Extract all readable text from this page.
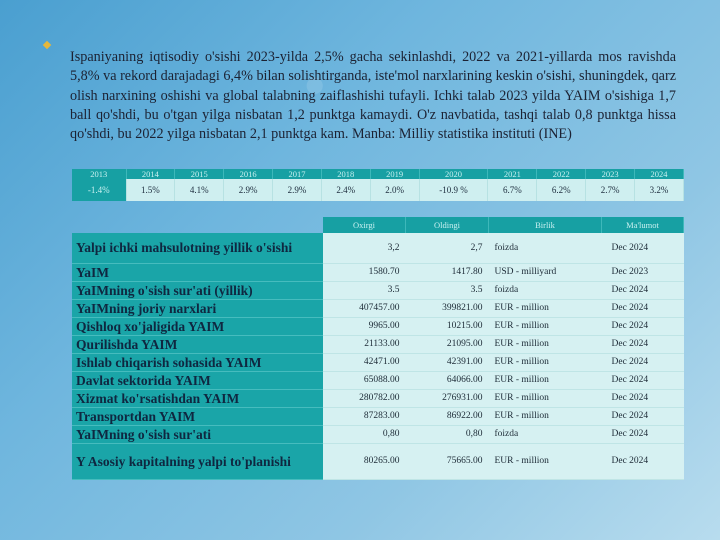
•

Ispaniyaning iqtisodiy o'sishi 2023-yilda 2,5% gacha sekinlashdi, 2022 va 2021-yillarda mos ravishda 5,8% va rekord darajadagi 6,4% bilan solishtirganda, iste'mol narxlarining keskin o'sishi, shuningdek, qarz olish narxining oshishi va global talabning zaiflashishi tufayli. Ichki talab 2023 yilda YAIM o'sishiga 1,7 ball qo'shdi, bu o'tgan yilga nisbatan 1,2 punktga kamaydi. O'z navbatida, tashqi talab 0,8 punktga hissa qo'shdi, bu 2022 yilga nisbatan 2,1 punktga kam. Manba: Milliy statistika instituti (INE)

2013	2014	2015	2016	2017	2018	2019	2020	2021	2022	2023	2024
-1.4%	1.5%	4.1%	2.9%	2.9%	2.4%	2.0%	-10.9 %	6.7%	6.2%	2.7%	3.2%
	Oxirgi	Oldingi	Birlik	Ma'lumot
Yalpi ichki mahsulotning yillik o'sishi	3,2	2,7	foizda	Dec 2024
YaIM	1580.70	1417.80	USD - milliyard	Dec 2023
YaIMning o'sish sur'ati (yillik)	3.5	3.5	foizda	Dec 2024
YaIMning joriy narxlari	407457.00	399821.00	EUR - million	Dec 2024
Qishloq xo'jaligida YAIM	9965.00	10215.00	EUR - million	Dec 2024
Qurilishda YAIM	21133.00	21095.00	EUR - million	Dec 2024
Ishlab chiqarish sohasida YAIM	42471.00	42391.00	EUR - million	Dec 2024
Davlat sektorida YAIM	65088.00	64066.00	EUR - million	Dec 2024
Xizmat ko'rsatishdan YAIM	280782.00	276931.00	EUR - million	Dec 2024
Transportdan YAIM	87283.00	86922.00	EUR - million	Dec 2024
YaIMning o'sish sur'ati	0,80	0,80	foizda	Dec 2024
Y Asosiy kapitalning yalpi to'planishi	80265.00	75665.00	EUR - million	Dec 2024
